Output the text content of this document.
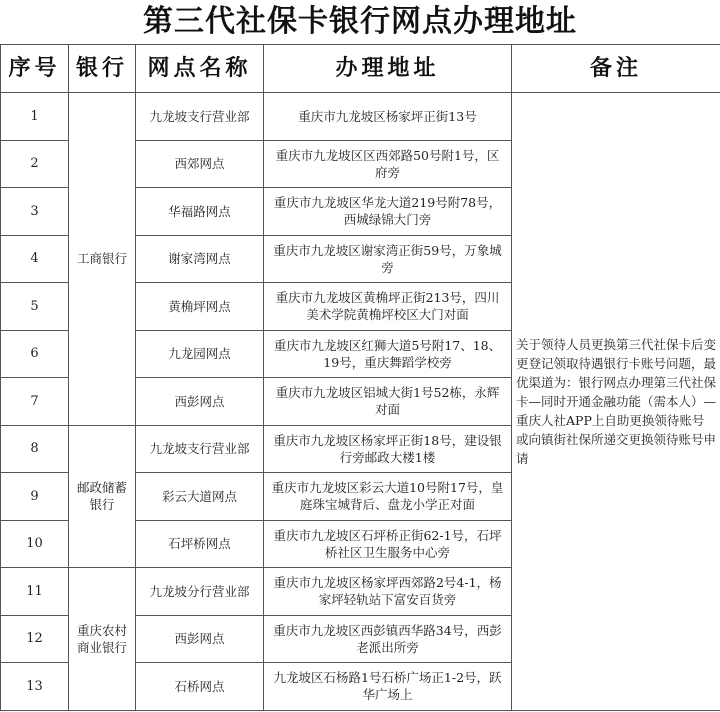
第三代社保卡银行网点办理地址
序号	银行	网点名称	办理地址	备注
1	工商银行	九龙坡支行营业部	重庆市九龙坡区杨家坪正街13号	关于领待人员更换第三代社保卡后变更登记领取待遇银行卡账号问题，最优渠道为：银行网点办理第三代社保卡—同时开通金融功能（需本人）—重庆人社APP上自助更换领待账号或向镇街社保所递交更换领待账号申请
2		西郊网点	重庆市九龙坡区区西郊路50号附1号，区府旁	
3		华福路网点	重庆市九龙坡区华龙大道219号附78号，西城绿锦大门旁	
4		谢家湾网点	重庆市九龙坡区谢家湾正街59号，万象城旁	
5		黄桷坪网点	重庆市九龙坡区黄桷坪正街213号，四川美术学院黄桷坪校区大门对面	
6		九龙园网点	重庆市九龙坡区红狮大道5号附17、18、19号，重庆舞蹈学校旁	
7		西彭网点	重庆市九龙坡区铝城大街1号52栋，永辉对面	
8	邮政储蓄银行	九龙坡支行营业部	重庆市九龙坡区杨家坪正街18号，建设银行旁邮政大楼1楼	
9		彩云大道网点	重庆市九龙坡区彩云大道10号附17号，皇庭珠宝城背后、盘龙小学正对面	
10		石坪桥网点	重庆市九龙坡区石坪桥正街62-1号，石坪桥社区卫生服务中心旁	
11	重庆农村商业银行	九龙坡分行营业部	重庆市九龙坡区杨家坪西郊路2号4-1，杨家坪轻轨站下富安百货旁	
12		西彭网点	重庆市九龙坡区西彭镇西华路34号，西彭老派出所旁	
13		石桥网点	九龙坡区石杨路1号石桥广场正1-2号，跃华广场上	
